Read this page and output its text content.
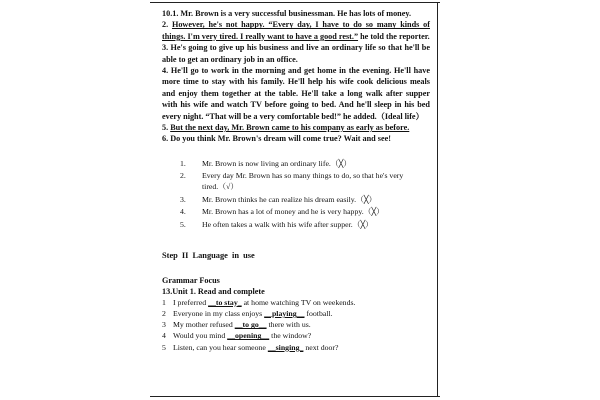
10.1. Mr. Brown is a very successful businessman. He has lots of money.

2. However, he's not happy. “Every day, I have to do so many kinds of things. I'm very tired. I really want to have a good rest.” he told the reporter.

3. He's going to give up his business and live an ordinary life so that he'll be able to get an ordinary job in an office.

4. He'll go to work in the morning and get home in the evening. He'll have more time to stay with his family. He'll help his wife cook delicious meals and enjoy them together at the table. He'll take a long walk after supper with his wife and watch TV before going to bed. And he'll sleep in his bed every night. “That will be a very comfortable bed!” he added.（Ideal life）

5. But the next day, Mr. Brown came to his company as early as before.

6. Do you think Mr. Brown's dream will come true? Wait and see!

1.	Mr. Brown is now living an ordinary life.（╳）
2.	Every day Mr. Brown has so many things to do, so that he's very tired.（√）
3.	Mr. Brown thinks he can realize his dream easily.（╳）
4.	Mr. Brown has a lot of money and he is very happy.（╳）
5.	He often takes a walk with his wife after supper.（╳）
Step II Language in use
Grammar Focus
13.Unit 1. Read and complete
1 I preferred __to stay_ at home watching TV on weekends.
2 Everyone in my class enjoys __playing__ football.
3 My mother refused __to go__ there with us.
4 Would you mind __opening__ the window?
5 Listen, can you hear someone __singing_ next door?
